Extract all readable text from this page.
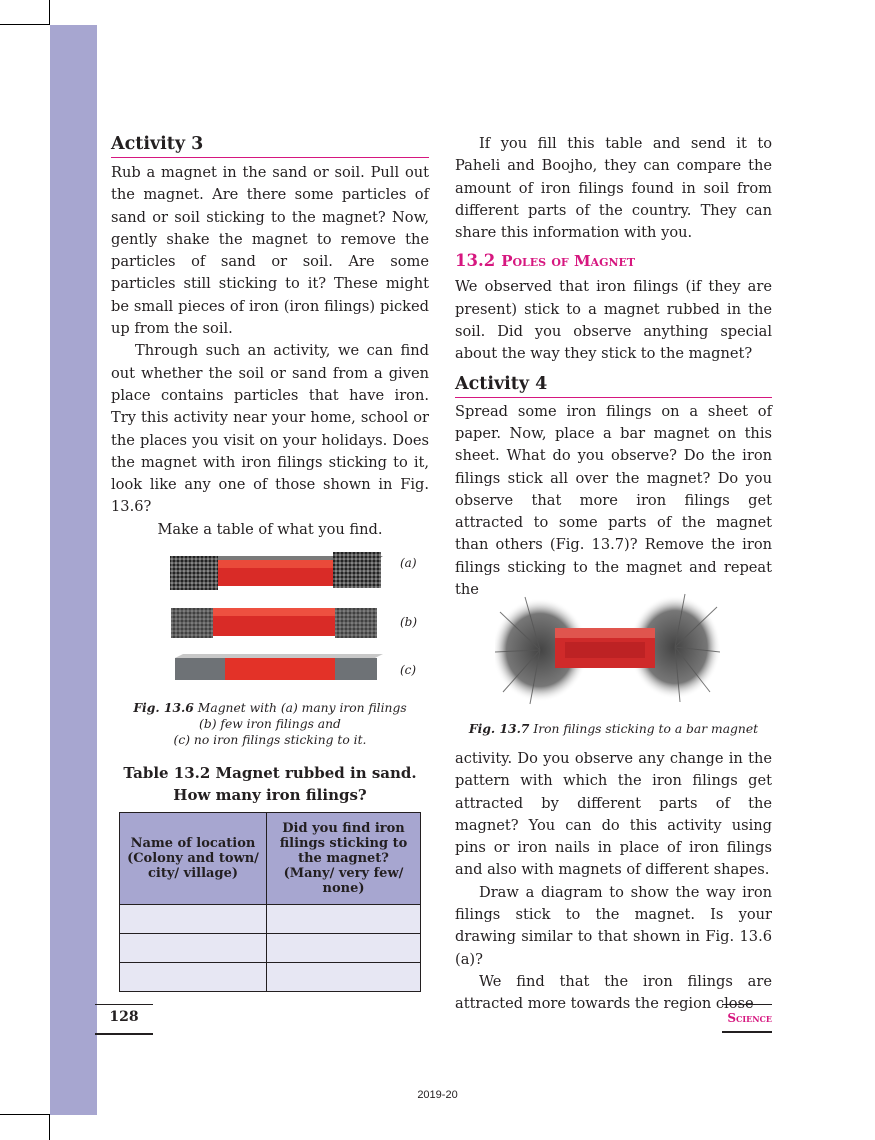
Activity 3

Rub a magnet in the sand or soil. Pull out the magnet. Are there some particles of sand or soil sticking to the magnet? Now, gently shake the magnet to remove the particles of sand or soil. Are some particles still sticking to it? These might be small pieces of iron (iron filings) picked up from the soil.

Through such an activity, we can find out whether the soil or sand from a given place contains particles that have iron. Try this activity near your home, school or the places you visit on your holidays. Does the magnet with iron filings sticking to it, look like any one of those shown in Fig. 13.6?

Make a table of what you find.

(a)
(b)
(c)
Fig. 13.6 Magnet with (a) many iron filings
(b) few iron filings and
(c) no iron filings sticking to it.
Table 13.2 Magnet rubbed in sand.
How many iron filings?
Name of location (Colony and town/ city/ village)	Did you find iron filings sticking to the magnet? (Many/ very few/ none)

If you fill this table and send it to Paheli and Boojho, they can compare the amount of iron filings found in soil from different parts of the country. They can share this information with you.

13.2 Poles of Magnet

We observed that iron filings (if they are present) stick to a magnet rubbed in the soil. Did you observe anything special about the way they stick to the magnet?

Activity 4

Spread some iron filings on a sheet of paper. Now, place a bar magnet on this sheet. What do you observe? Do the iron filings stick all over the magnet? Do you observe that more iron filings get attracted to some parts of the magnet than others (Fig. 13.7)? Remove the iron filings sticking to the magnet and repeat the

Fig. 13.7 Iron filings sticking to a bar magnet

activity. Do you observe any change in the pattern with which the iron filings get attracted by different parts of the magnet? You can do this activity using pins or iron nails in place of iron filings and also with magnets of different shapes.

Draw a diagram to show the way iron filings stick to the magnet. Is your drawing similar to that shown in Fig. 13.6 (a)?

We find that the iron filings are attracted more towards the region close

128	Science
2019-20
